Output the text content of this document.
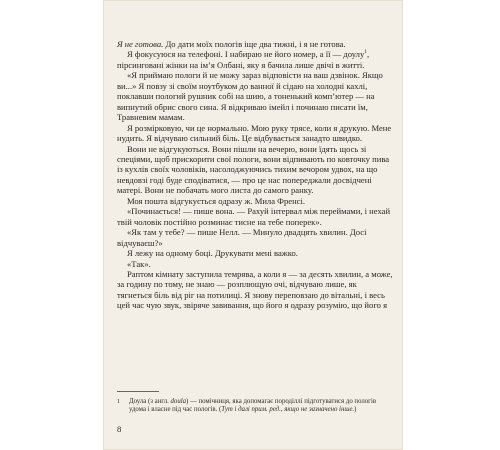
Я не готова. До дати моїх пологів іще два тижні, і я не готова.

Я фокусуюся на телефоні. І набираю не його номер, а її — доулу$^1$, пірсинговані жінки на ім’я Олбані, яку я бачила лише двічі в житті.

«Я приймаю пологи й не можу зараз відповісти на ваш дзвінок. Якщо ви...» Я повзу зі своїм ноутбуком до ванної й сідаю на холодні кахлі, поклавши пологий рушник собі на шию, а тоненький комп’ютер — на випнутий обрис свого сина. Я відкриваю імейл і починаю писати їм, Травневим мамам.

Я розмірковую, чи це нормально. Мою руку трясе, коли я друкую. Мене нудить. Я відчуваю сильний біль. Це відбувається занадто швидко.

Вони не відгукуються. Вони пішли на вечерю, вони їдять щось зі спеціями, щоб прискорити свої пологи, вони відпивають по ковточку пива із кухлів своїх чоловіків, насолоджуючись тихим вечором удвох, на що невдовзі годі буде сподіватися, — про це нас попереджали досвідчені матері. Вони не побачать мого листа до самого ранку.

Моя пошта відгукується одразу ж. Мила Френсі.

«Починається! — пише вона. — Рахуй інтервал між переймами, і нехай твій чоловік постійно розминає тисне на тебе поперек».

«Як там у тебе? — пише Нелл. — Минуло двадцять хвилин. Досі відчуваєш?»

Я лежу на одному боці. Друкувати мені важко.

«Так».

Раптом кімнату заступила темрява, а коли я — за десять хвилин, а може, за годину по тому, не знаю — розплющую очі, відчуваю лише, як тягнеться біль від ріг на потилиці. Я знову переповзаю до вітальні, і весь цей час чую звук, звіряче завивання, що його я одразу розумію, що його я

1 Доула (з англ. doula) — помічниця, яка допомагає породіллі підготуватися до пологів удома і власне під час пологів. (Тут і далі прим. ред., якщо не зазначено інше.)
8
